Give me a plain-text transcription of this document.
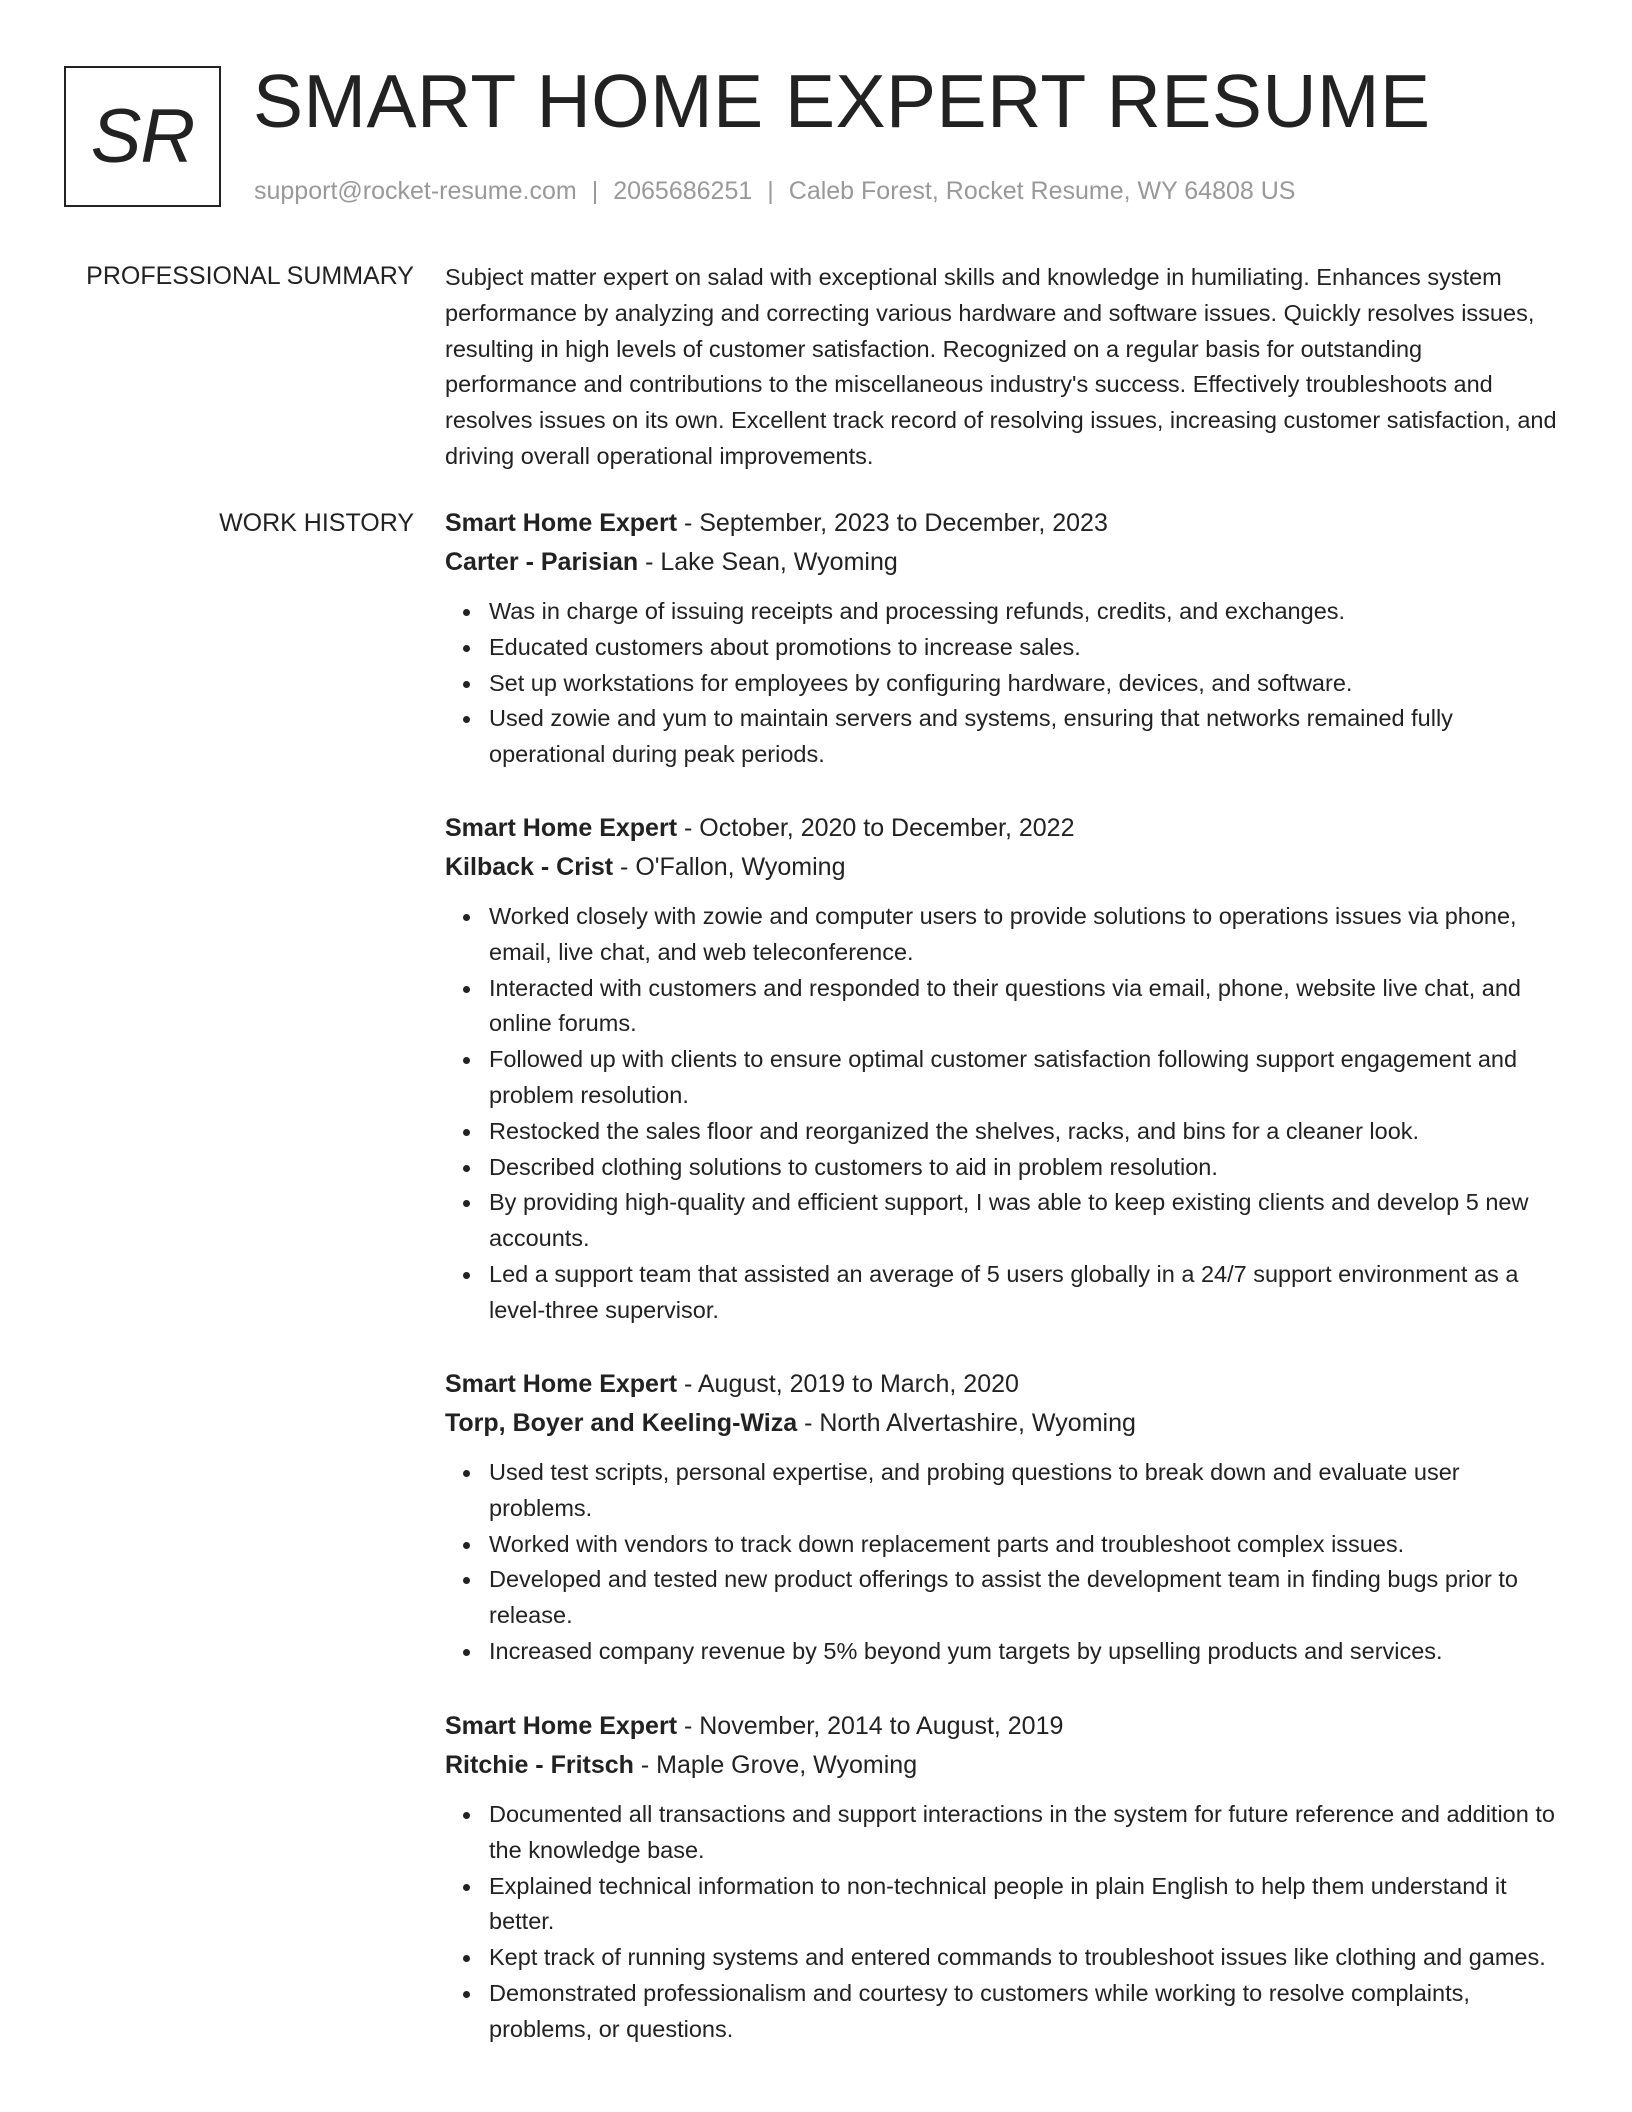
SR SMART HOME EXPERT RESUME
support@rocket-resume.com | 2065686251 | Caleb Forest, Rocket Resume, WY 64808 US
PROFESSIONAL SUMMARY Subject matter expert on salad with exceptional skills and knowledge in humiliating. Enhances system performance by analyzing and correcting various hardware and software issues. Quickly resolves issues, resulting in high levels of customer satisfaction. Recognized on a regular basis for outstanding performance and contributions to the miscellaneous industry's success. Effectively troubleshoots and resolves issues on its own. Excellent track record of resolving issues, increasing customer satisfaction, and driving overall operational improvements.

WORK HISTORY Smart Home Expert - September, 2023 to December, 2023
Carter - Parisian - Lake Sean, Wyoming
Was in charge of issuing receipts and processing refunds, credits, and exchanges.
Educated customers about promotions to increase sales.
Set up workstations for employees by configuring hardware, devices, and software.
Used zowie and yum to maintain servers and systems, ensuring that networks remained fully operational during peak periods.
Smart Home Expert - October, 2020 to December, 2022
Kilback - Crist - O'Fallon, Wyoming
Worked closely with zowie and computer users to provide solutions to operations issues via phone, email, live chat, and web teleconference.
Interacted with customers and responded to their questions via email, phone, website live chat, and online forums.
Followed up with clients to ensure optimal customer satisfaction following support engagement and problem resolution.
Restocked the sales floor and reorganized the shelves, racks, and bins for a cleaner look.
Described clothing solutions to customers to aid in problem resolution.
By providing high-quality and efficient support, I was able to keep existing clients and develop 5 new accounts.
Led a support team that assisted an average of 5 users globally in a 24/7 support environment as a level-three supervisor.
Smart Home Expert - August, 2019 to March, 2020
Torp, Boyer and Keeling-Wiza - North Alvertashire, Wyoming
Used test scripts, personal expertise, and probing questions to break down and evaluate user problems.
Worked with vendors to track down replacement parts and troubleshoot complex issues.
Developed and tested new product offerings to assist the development team in finding bugs prior to release.
Increased company revenue by 5% beyond yum targets by upselling products and services.
Smart Home Expert - November, 2014 to August, 2019
Ritchie - Fritsch - Maple Grove, Wyoming
Documented all transactions and support interactions in the system for future reference and addition to the knowledge base.
Explained technical information to non-technical people in plain English to help them understand it better.
Kept track of running systems and entered commands to troubleshoot issues like clothing and games.
Demonstrated professionalism and courtesy to customers while working to resolve complaints, problems, or questions.
